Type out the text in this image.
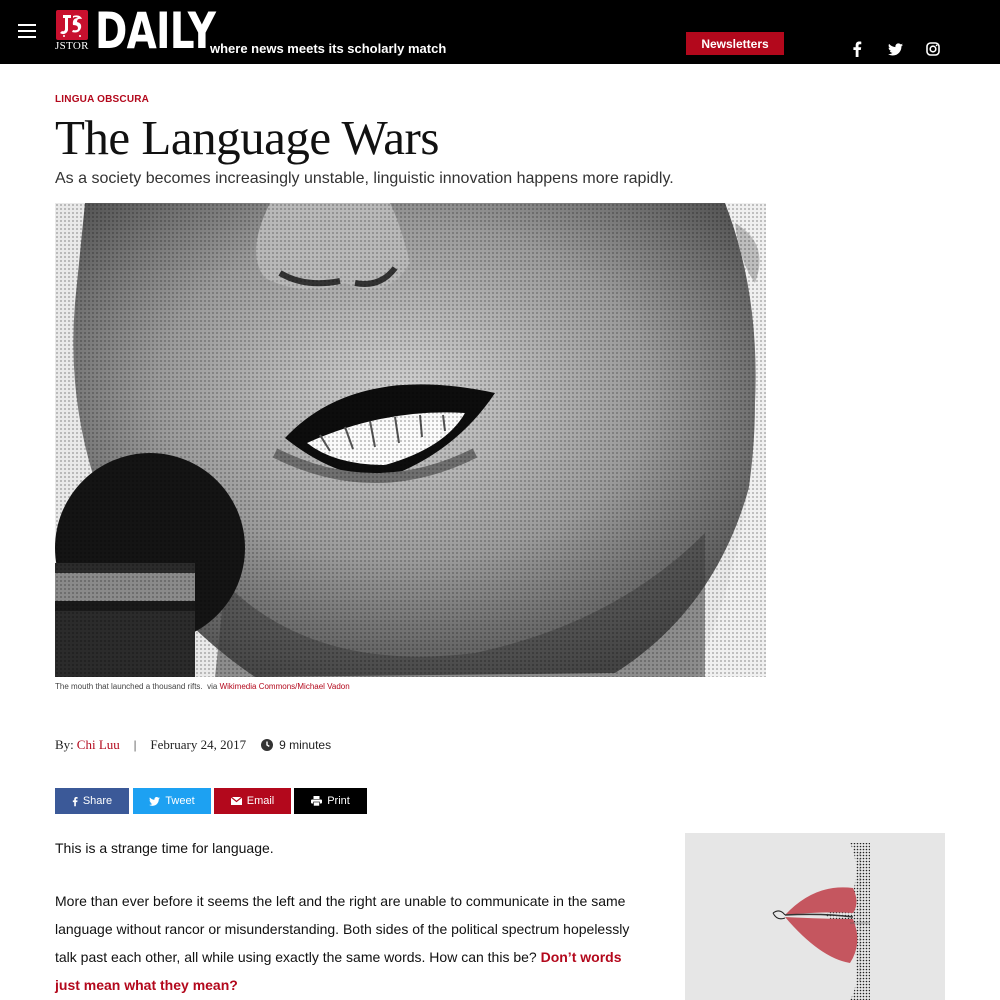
JSTOR DAILY
where news meets its scholarly match	Newsletters
LINGUA OBSCURA
The Language Wars
As a society becomes increasingly unstable, linguistic innovation happens more rapidly.
The mouth that launched a thousand rifts. via Wikimedia Commons/Michael Vadon
By: Chi Luu | February 24, 2017	9 minutes
Share	Tweet	Email	Print

This is a strange time for language.

More than ever before it seems the left and the right are unable to communicate in the same language without rancor or misunderstanding. Both sides of the political spectrum hopelessly talk past each other, all while using exactly the same words. How can this be? Don’t words just mean what they mean?
